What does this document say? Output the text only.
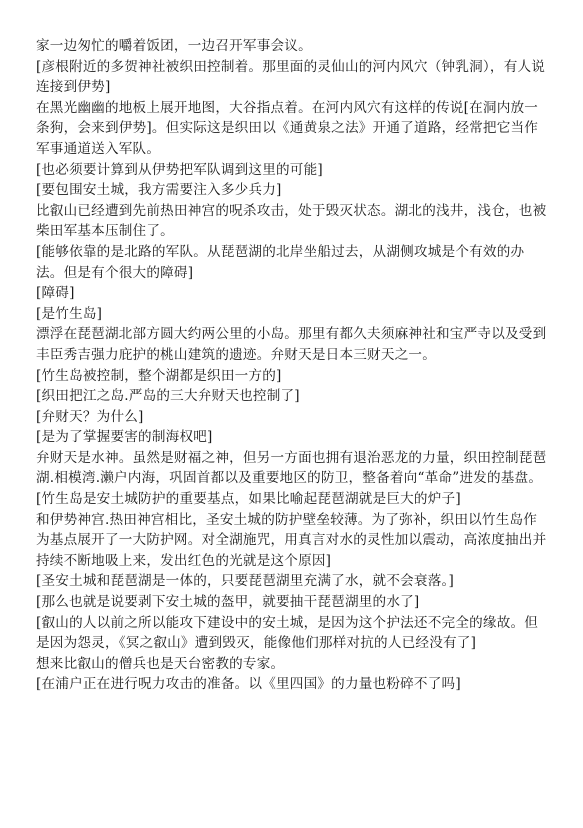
家一边匆忙的嚼着饭团，一边召开军事会议。

[彦根附近的多贺神社被织田控制着。那里面的灵仙山的河内风穴（钟乳洞），有人说连接到伊势]

在黑光幽幽的地板上展开地图，大谷指点着。在河内风穴有这样的传说[在洞内放一条狗，会来到伊势]。但实际这是织田以《通黄泉之法》开通了道路，经常把它当作军事通道送入军队。

[也必须要计算到从伊势把军队调到这里的可能]

[要包围安土城，我方需要注入多少兵力]

比叡山已经遭到先前热田神宫的呪杀攻击，处于毁灭状态。湖北的浅井，浅仓，也被柴田军基本压制住了。

[能够依靠的是北路的军队。从琵琶湖的北岸坐船过去，从湖侧攻城是个有效的办法。但是有个很大的障碍]

[障碍]

[是竹生岛]

漂浮在琵琶湖北部方圆大约两公里的小岛。那里有都久夫须麻神社和宝严寺以及受到丰臣秀吉强力庇护的桃山建筑的遗迹。弁财天是日本三财天之一。

[竹生岛被控制，整个湖都是织田一方的]

[织田把江之岛.严岛的三大弁财天也控制了]

[弁财天？为什么]

[是为了掌握要害的制海权吧]

弁财天是水神。虽然是财福之神，但另一方面也拥有退治恶龙的力量，织田控制琵琶湖.相模湾.濑户内海，巩固首都以及重要地区的防卫，整备着向“革命”进发的基盘。

[竹生岛是安土城防护的重要基点，如果比喻起琵琶湖就是巨大的炉子]

和伊势神宫.热田神宫相比，圣安土城的防护壁垒较薄。为了弥补，织田以竹生岛作为基点展开了一大防护网。对全湖施咒，用真言对水的灵性加以震动，高浓度抽出并持续不断地吸上来，发出红色的光就是这个原因]

[圣安土城和琵琶湖是一体的，只要琵琶湖里充满了水，就不会衰落。]

[那么也就是说要剥下安土城的盔甲，就要抽干琵琶湖里的水了]

[叡山的人以前之所以能攻下建设中的安土城，是因为这个护法还不完全的缘故。但是因为怨灵，《冥之叡山》遭到毁灭，能像他们那样对抗的人已经没有了]

想来比叡山的僧兵也是天台密教的专家。

[在浦户正在进行呪力攻击的准备。以《里四国》的力量也粉碎不了吗]
